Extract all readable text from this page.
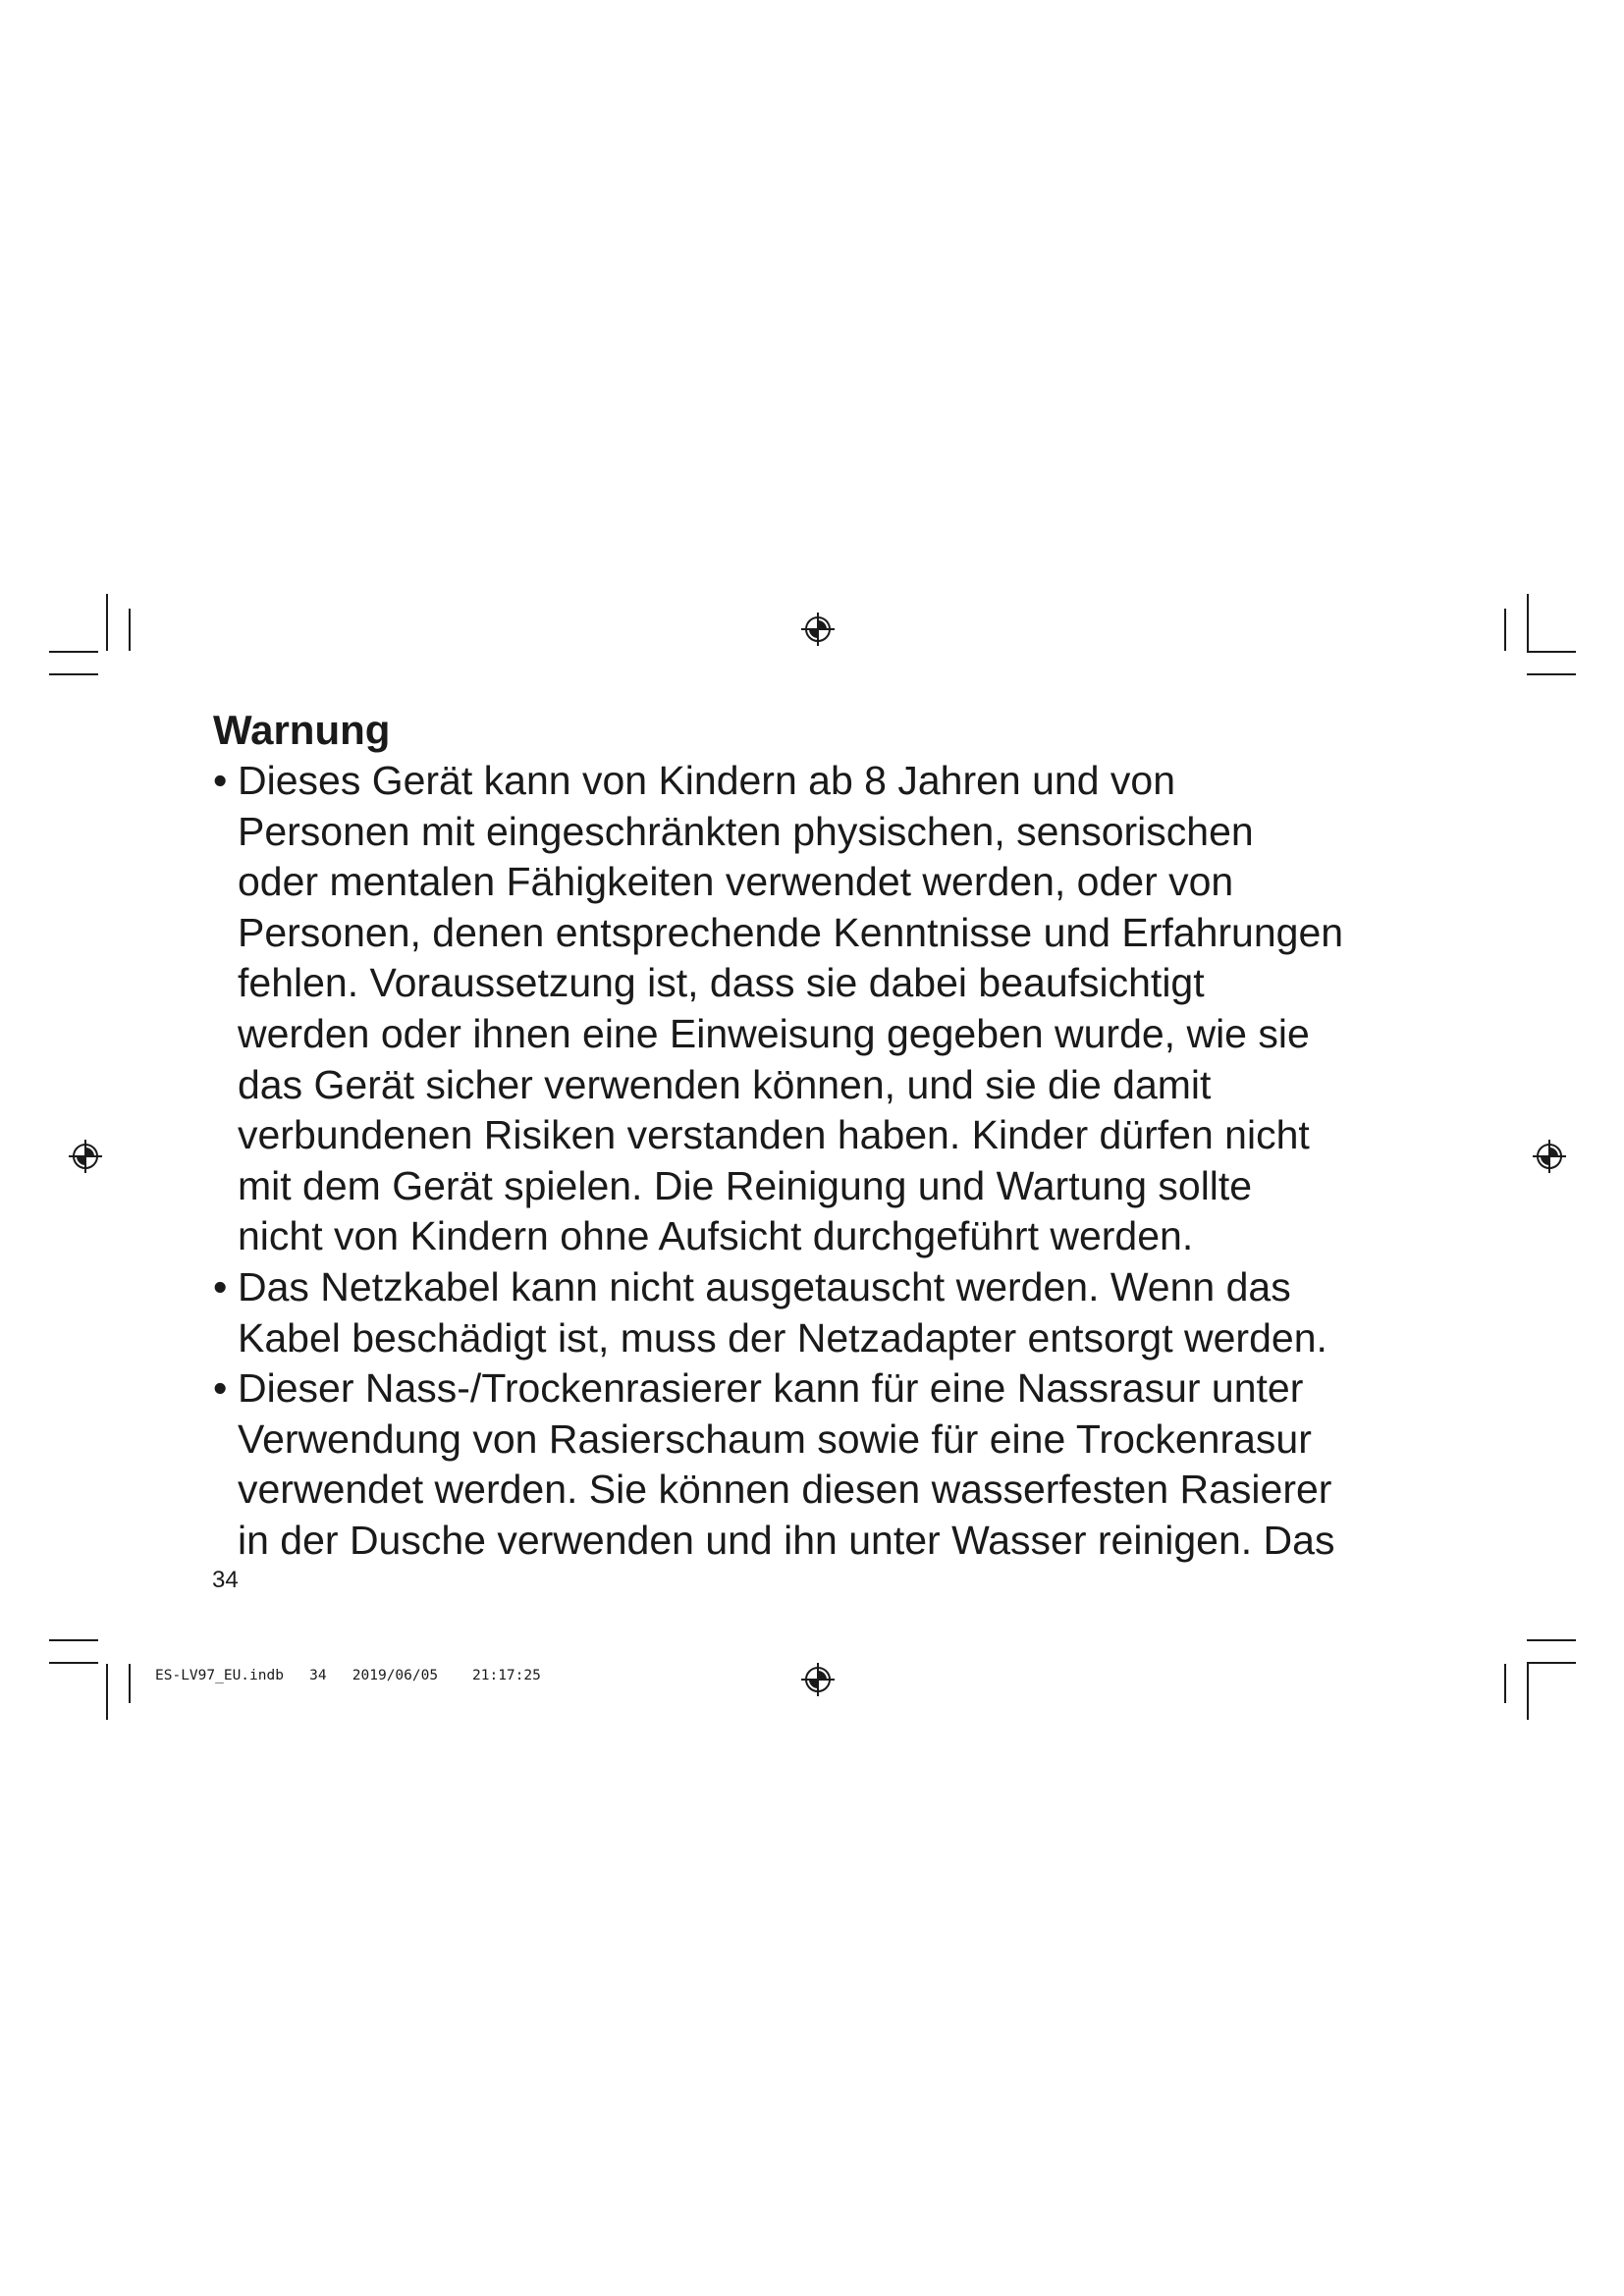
Warnung
• Dieses Gerät kann von Kindern ab 8 Jahren und von
Personen mit eingeschränkten physischen, sensorischen
oder mentalen Fähigkeiten verwendet werden, oder von
Personen, denen entsprechende Kenntnisse und Erfahrungen
fehlen. Voraussetzung ist, dass sie dabei beaufsichtigt
werden oder ihnen eine Einweisung gegeben wurde, wie sie
das Gerät sicher verwenden können, und sie die damit
verbundenen Risiken verstanden haben. Kinder dürfen nicht
mit dem Gerät spielen. Die Reinigung und Wartung sollte
nicht von Kindern ohne Aufsicht durchgeführt werden.
• Das Netzkabel kann nicht ausgetauscht werden. Wenn das
Kabel beschädigt ist, muss der Netzadapter entsorgt werden.
• Dieser Nass-/Trockenrasierer kann für eine Nassrasur unter
Verwendung von Rasierschaum sowie für eine Trockenrasur
verwendet werden. Sie können diesen wasserfesten Rasierer
in der Dusche verwenden und ihn unter Wasser reinigen. Das
34
ES-LV97_EU.indb   34   2019/06/05    21:17:25
